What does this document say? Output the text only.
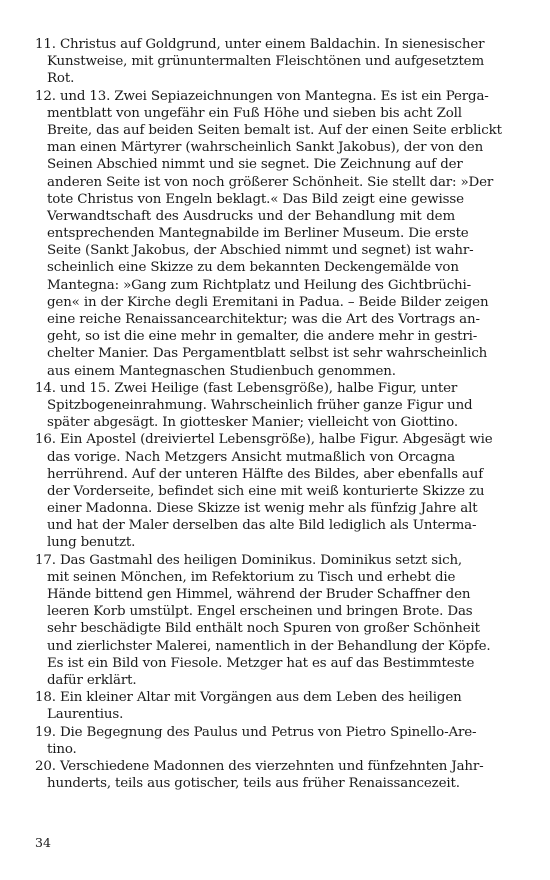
11. Christus auf Goldgrund, unter einem Baldachin. In sienesischer
Kunstweise, mit grünuntermalten Fleischtönen und aufgesetztem
Rot.
12. und 13. Zwei Sepiazeichnungen von Mantegna. Es ist ein Perga-
mentblatt von ungefähr ein Fuß Höhe und sieben bis acht Zoll
Breite, das auf beiden Seiten bemalt ist. Auf der einen Seite erblickt
man einen Märtyrer (wahrscheinlich Sankt Jakobus), der von den
Seinen Abschied nimmt und sie segnet. Die Zeichnung auf der
anderen Seite ist von noch größerer Schönheit. Sie stellt dar: »Der
tote Christus von Engeln beklagt.« Das Bild zeigt eine gewisse
Verwandtschaft des Ausdrucks und der Behandlung mit dem
entsprechenden Mantegnabilde im Berliner Museum. Die erste
Seite (Sankt Jakobus, der Abschied nimmt und segnet) ist wahr-
scheinlich eine Skizze zu dem bekannten Deckengemälde von
Mantegna: »Gang zum Richtplatz und Heilung des Gichtbrüchi-
gen« in der Kirche degli Eremitani in Padua. – Beide Bilder zeigen
eine reiche Renaissancearchitektur; was die Art des Vortrags an-
geht, so ist die eine mehr in gemalter, die andere mehr in gestri-
chelter Manier. Das Pergamentblatt selbst ist sehr wahrscheinlich
aus einem Mantegnaschen Studienbuch genommen.
14. und 15. Zwei Heilige (fast Lebensgröße), halbe Figur, unter
Spitzbogeneinrahmung. Wahrscheinlich früher ganze Figur und
später abgesägt. In giottesker Manier; vielleicht von Giottino.
16. Ein Apostel (dreiviertel Lebensgröße), halbe Figur. Abgesägt wie
das vorige. Nach Metzgers Ansicht mutmaßlich von Orcagna
herrührend. Auf der unteren Hälfte des Bildes, aber ebenfalls auf
der Vorderseite, befindet sich eine mit weiß konturierte Skizze zu
einer Madonna. Diese Skizze ist wenig mehr als fünfzig Jahre alt
und hat der Maler derselben das alte Bild lediglich als Unterma-
lung benutzt.
17. Das Gastmahl des heiligen Dominikus. Dominikus setzt sich,
mit seinen Mönchen, im Refektorium zu Tisch und erhebt die
Hände bittend gen Himmel, während der Bruder Schaffner den
leeren Korb umstülpt. Engel erscheinen und bringen Brote. Das
sehr beschädigte Bild enthält noch Spuren von großer Schönheit
und zierlichster Malerei, namentlich in der Behandlung der Köpfe.
Es ist ein Bild von Fiesole. Metzger hat es auf das Bestimmteste
dafür erklärt.
18. Ein kleiner Altar mit Vorgängen aus dem Leben des heiligen
Laurentius.
19. Die Begegnung des Paulus und Petrus von Pietro Spinello-Are-
tino.
20. Verschiedene Madonnen des vierzehnten und fünfzehnten Jahr-
hunderts, teils aus gotischer, teils aus früher Renaissancezeit.
34
